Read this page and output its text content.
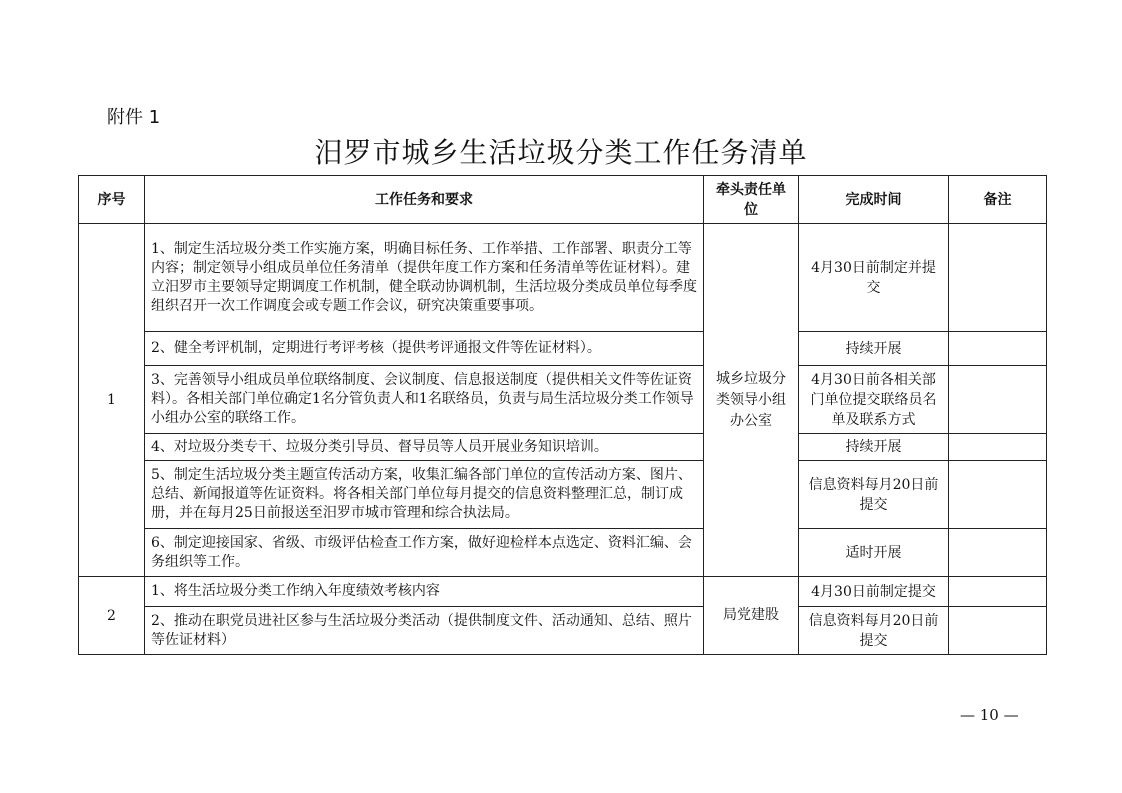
附件 1
汨罗市城乡生活垃圾分类工作任务清单
序号	工作任务和要求	牵头责任单　　位	完成时间	备注
1	1、制定生活垃圾分类工作实施方案，明确目标任务、工作举措、工作部署、职责分工等内容；制定领导小组成员单位任务清单（提供年度工作方案和任务清单等佐证材料）。建立汨罗市主要领导定期调度工作机制，健全联动协调机制，生活垃圾分类成员单位每季度组织召开一次工作调度会或专题工作会议，研究决策重要事项。	城乡垃圾分类领导小组办公室	4月30日前制定并提交	
	2、健全考评机制，定期进行考评考核（提供考评通报文件等佐证材料）。		持续开展	
	3、完善领导小组成员单位联络制度、会议制度、信息报送制度（提供相关文件等佐证资料）。各相关部门单位确定1名分管负责人和1名联络员，负责与局生活垃圾分类工作领导小组办公室的联络工作。		4月30日前各相关部门单位提交联络员名单及联系方式	
	4、对垃圾分类专干、垃圾分类引导员、督导员等人员开展业务知识培训。		持续开展	
	5、制定生活垃圾分类主题宣传活动方案，收集汇编各部门单位的宣传活动方案、图片、总结、新闻报道等佐证资料。将各相关部门单位每月提交的信息资料整理汇总，制订成册，并在每月25日前报送至汨罗市城市管理和综合执法局。		信息资料每月20日前提交	
	6、制定迎接国家、省级、市级评估检查工作方案，做好迎检样本点选定、资料汇编、会务组织等工作。		适时开展	
2	1、将生活垃圾分类工作纳入年度绩效考核内容	局党建股	4月30日前制定提交	
	2、推动在职党员进社区参与生活垃圾分类活动（提供制度文件、活动通知、总结、照片等佐证材料）		信息资料每月20日前提交	
— 10 —
